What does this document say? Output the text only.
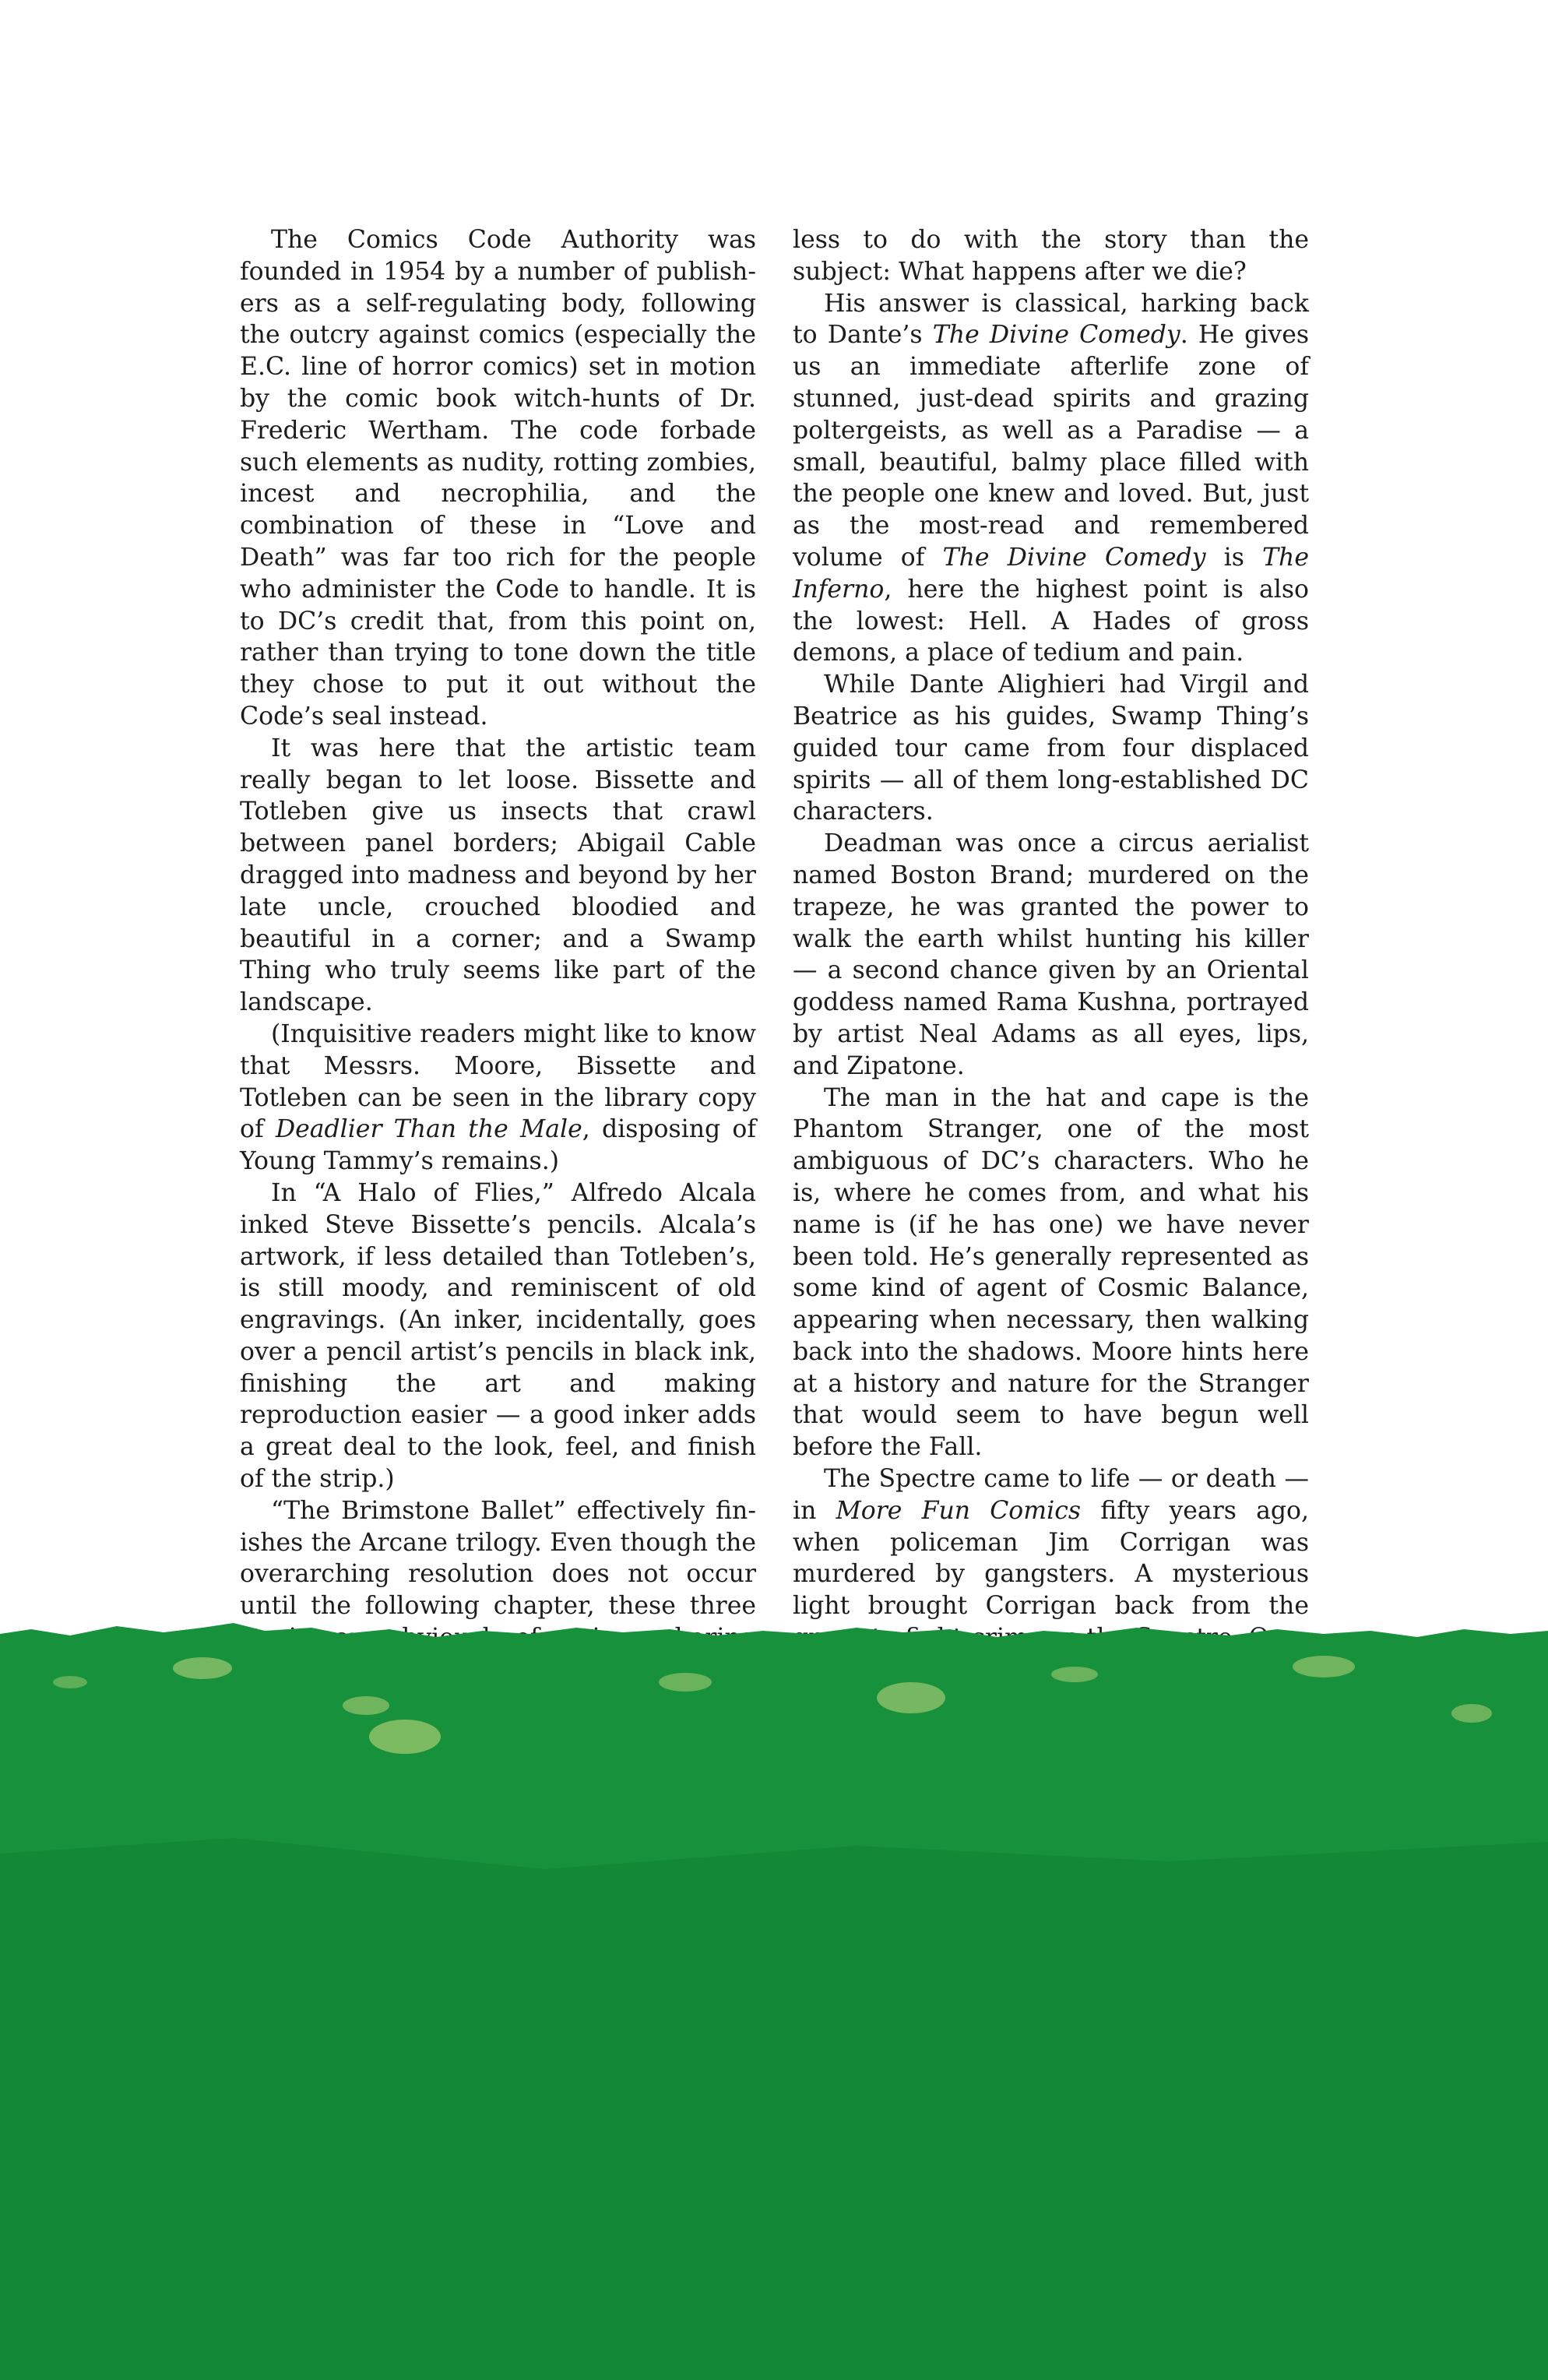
The Comics Code Authority was founded in 1954 by a number of publishers as a self-regulating body, following the outcry against comics (especially the E.C. line of horror comics) set in motion by the comic book witch-hunts of Dr. Frederic Wertham. The code forbade such elements as nudity, rotting zombies, incest and necrophilia, and the combination of these in “Love and Death” was far too rich for the people who administer the Code to handle. It is to DC’s credit that, from this point on, rather than trying to tone down the title they chose to put it out without the Code’s seal instead.

It was here that the artistic team really began to let loose. Bissette and Totleben give us insects that crawl between panel borders; Abigail Cable dragged into madness and beyond by her late uncle, crouched bloodied and beautiful in a corner; and a Swamp Thing who truly seems like part of the landscape.

(Inquisitive readers might like to know that Messrs. Moore, Bissette and Totleben can be seen in the library copy of Deadlier Than the Male, disposing of Young Tammy’s remains.)

In “A Halo of Flies,” Alfredo Alcala inked Steve Bissette’s pencils. Alcala’s artwork, if less detailed than Totleben’s, is still moody, and reminiscent of old engravings. (An inker, incidentally, goes over a pencil artist’s pencils in black ink, finishing the art and making reproduction easier — a good inker adds a great deal to the look, feel, and finish of the strip.)

“The Brimstone Ballet” effectively finishes the Arcane trilogy. Even though the overarching resolution does not occur until the following chapter, these three

less to do with the story than the subject: What happens after we die?

His answer is classical, harking back to Dante’s The Divine Comedy. He gives us an immediate afterlife zone of stunned, just-dead spirits and grazing poltergeists, as well as a Paradise — a small, beautiful, balmy place filled with the people one knew and loved. But, just as the most-read and remembered volume of The Divine Comedy is The Inferno, here the highest point is also the lowest: Hell. A Hades of gross demons, a place of tedium and pain.

While Dante Alighieri had Virgil and Beatrice as his guides, Swamp Thing’s guided tour came from four displaced spirits — all of them long-established DC characters.

Deadman was once a circus aerialist named Boston Brand; murdered on the trapeze, he was granted the power to walk the earth whilst hunting his killer — a second chance given by an Oriental goddess named Rama Kushna, portrayed by artist Neal Adams as all eyes, lips, and Zipatone.

The man in the hat and cape is the Phantom Stranger, one of the most ambiguous of DC’s characters. Who he is, where he comes from, and what his name is (if he has one) we have never been told. He’s generally represented as some kind of agent of Cosmic Balance, appearing when necessary, then walking back into the shadows. Moore hints here at a history and nature for the Stranger that would seem to have begun well before the Fall.

The Spectre came to life — or death — in More Fun Comics fifty years ago, when policeman Jim Corrigan was murdered by gangsters. A mysterious light brought Corrigan back from the
